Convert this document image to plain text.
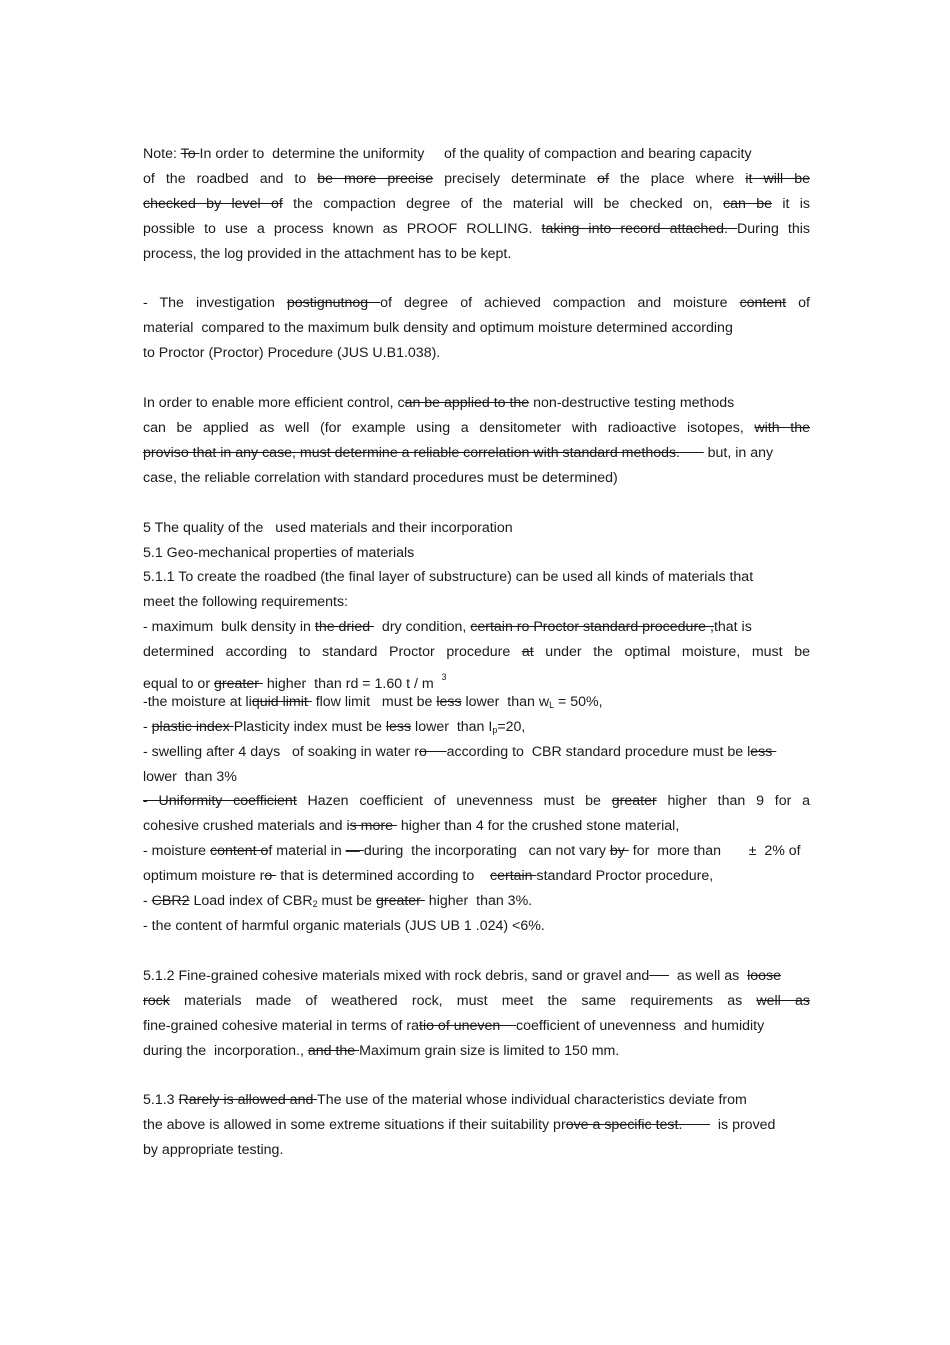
Note: To In order to  determine the uniformity     of the quality of compaction and bearing capacity
of the roadbed and to be more precise precisely determinate of the place where it will be
checked by level of the compaction degree of the material will be checked on, can be it is
possible to use a process known as PROOF ROLLING. taking into record attached. During this
process, the log provided in the attachment has to be kept.
- The investigation postignutnog of degree of achieved compaction and moisture content of
material  compared to the maximum bulk density and optimum moisture determined according
to Proctor (Proctor) Procedure (JUS U.B1.038).
In order to enable more efficient control, can be applied to the non-destructive testing methods
can be applied as well (for example using a densitometer with radioactive isotopes, with the
proviso that in any case, must determine a reliable correlation with standard methods.       but, in any
case, the reliable correlation with standard procedures must be determined)
5 The quality of the   used materials and their incorporation
5.1 Geo-mechanical properties of materials
5.1.1 To create the roadbed (the final layer of substructure) can be used all kinds of materials that
meet the following requirements:
- maximum  bulk density in the dried   dry condition, certain ro Proctor standard procedure ,that is
determined according to standard Proctor procedure at under the optimal moisture, must be
equal to or greater  higher  than rd = 1.60 t / m  $^3$
-the moisture at liquid limit  flow limit   must be less lower  than $w_L = 50\%$,
- plastic index Plasticity index must be less lower  than $I_p=20$,
- swelling after 4 days   of soaking in water ro     according to  CBR standard procedure must be less
lower  than 3%
- Uniformity coefficient Hazen coefficient of unevenness must be greater higher than 9 for a
cohesive crushed materials and is more  higher than 4 for the crushed stone material,
- moisture content of material in — during  the incorporating   can not vary by  for  more than       ±  2% of
optimum moisture ro  that is determined according to    certain standard Proctor procedure,
- CBR2 Load index of $CBR_2$ must be greater  higher  than 3%.
- the content of harmful organic materials (JUS UB 1 .024) <6%.
5.1.2 Fine-grained cohesive materials mixed with rock debris, sand or gravel and       as well as  loose
rock materials made of weathered rock, must meet the same requirements as well as
fine-grained cohesive material in terms of ratio of uneven    coefficient of unevenness  and humidity
during the  incorporation., and the Maximum grain size is limited to 150 mm.
5.1.3 Rarely is allowed and The use of the material whose individual characteristics deviate from
the above is allowed in some extreme situations if their suitability prove a specific test.         is proved
by appropriate testing.
